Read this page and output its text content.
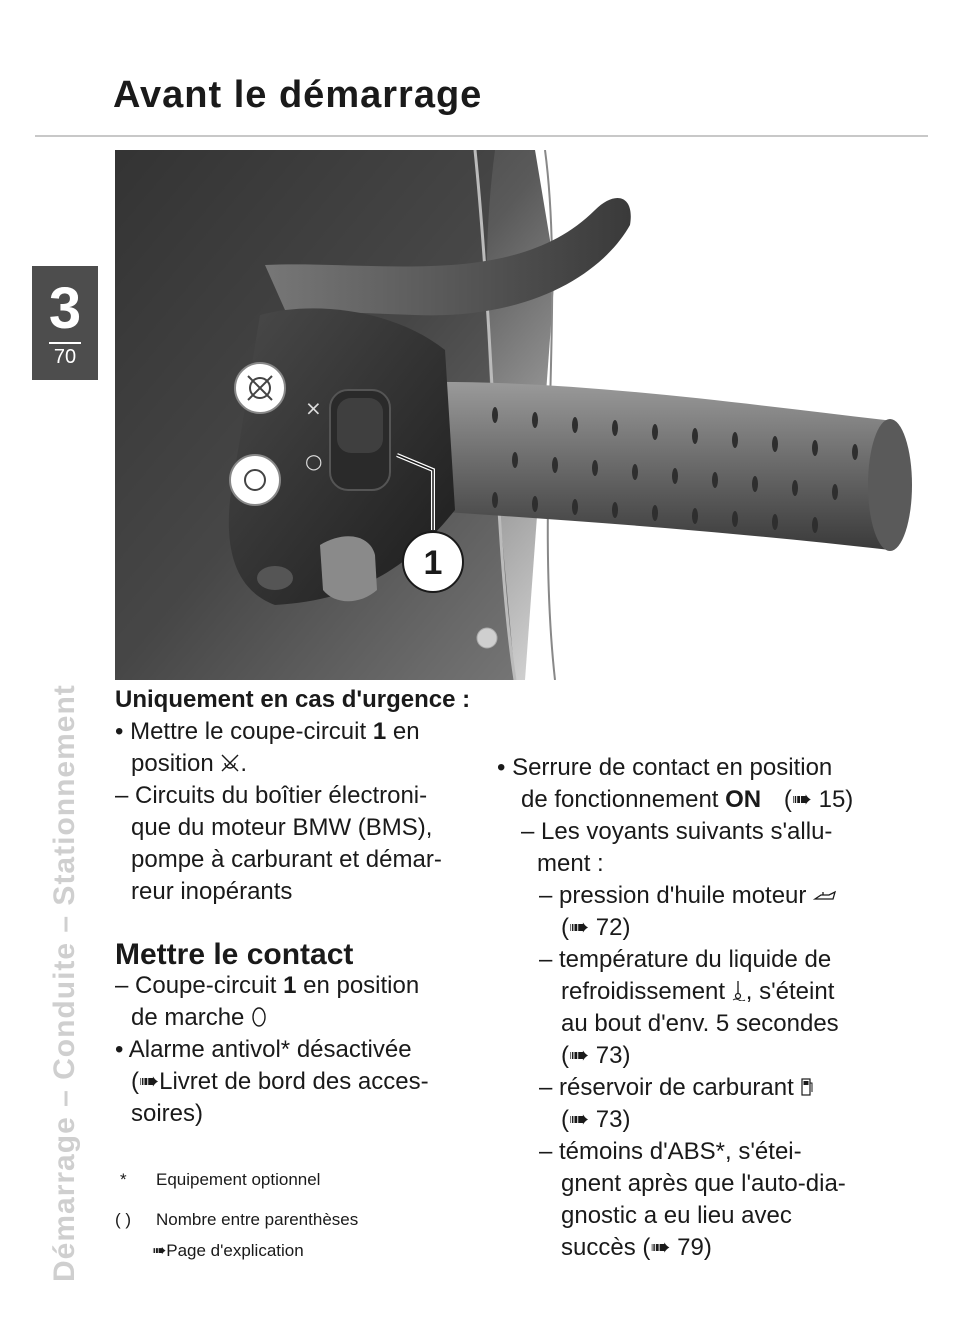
Avant le démarrage
3
70
Démarrage – Conduite – Stationnement
⨯
○
1
Uniquement en cas d'urgence :
• Mettre le coupe-circuit 1 en
position .
– Circuits du boîtier électroni-
que du moteur BMW (BMS),
pompe à carburant et démar-
reur inopérants
Mettre le contact
– Coupe-circuit 1 en position
de marche
• Alarme antivol* désactivée
(➠Livret de bord des acces-
soires)
* Equipement optionnel
( ) Nombre entre parenthèses
➠Page d'explication
• Serrure de contact en position
de fonctionnement ON (➠ 15)
– Les voyants suivants s'allu-
ment :
– pression d'huile moteur
(➠ 72)
– température du liquide de
refroidissement , s'éteint
au bout d'env. 5 secondes
(➠ 73)
– réservoir de carburant
(➠ 73)
– témoins d'ABS*, s'étei-
gnent après que l'auto-dia-
gnostic a eu lieu avec
succès (➠ 79)
